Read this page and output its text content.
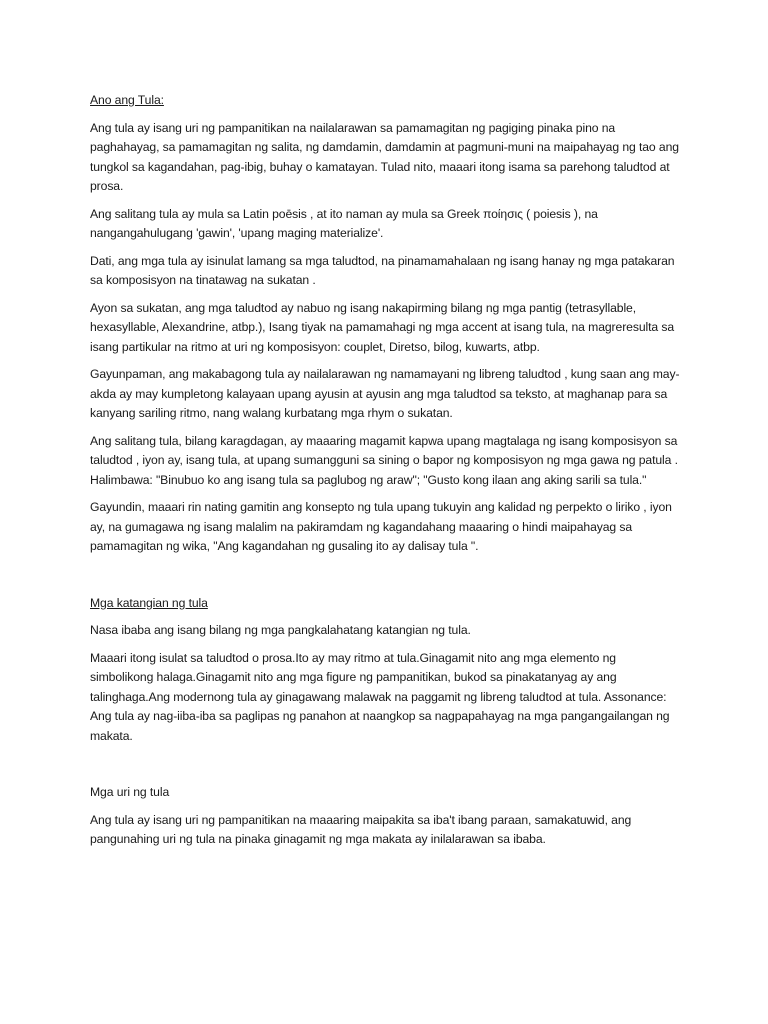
Ano ang Tula:

Ang tula ay isang uri ng pampanitikan na nailalarawan sa pamamagitan ng pagiging pinaka pino na paghahayag, sa pamamagitan ng salita, ng damdamin, damdamin at pagmuni-muni na maipahayag ng tao ang tungkol sa kagandahan, pag-ibig, buhay o kamatayan. Tulad nito, maaari itong isama sa parehong taludtod at prosa.

Ang salitang tula ay mula sa Latin poēsis , at ito naman ay mula sa Greek ποίησις ( poiesis ), na nangangahulugang 'gawin', 'upang maging materialize'.

Dati, ang mga tula ay isinulat lamang sa mga taludtod, na pinamamahalaan ng isang hanay ng mga patakaran sa komposisyon na tinatawag na sukatan .

Ayon sa sukatan, ang mga taludtod ay nabuo ng isang nakapirming bilang ng mga pantig (tetrasyllable, hexasyllable, Alexandrine, atbp.), Isang tiyak na pamamahagi ng mga accent at isang tula, na magreresulta sa isang partikular na ritmo at uri ng komposisyon: couplet, Diretso, bilog, kuwarts, atbp.

Gayunpaman, ang makabagong tula ay nailalarawan ng namamayani ng libreng taludtod , kung saan ang may-akda ay may kumpletong kalayaan upang ayusin at ayusin ang mga taludtod sa teksto, at maghanap para sa kanyang sariling ritmo, nang walang kurbatang mga rhym o sukatan.

Ang salitang tula, bilang karagdagan, ay maaaring magamit kapwa upang magtalaga ng isang komposisyon sa taludtod , iyon ay, isang tula, at upang sumangguni sa sining o bapor ng komposisyon ng mga gawa ng patula . Halimbawa: "Binubuo ko ang isang tula sa paglubog ng araw"; "Gusto kong ilaan ang aking sarili sa tula."

Gayundin, maaari rin nating gamitin ang konsepto ng tula upang tukuyin ang kalidad ng perpekto o liriko , iyon ay, na gumagawa ng isang malalim na pakiramdam ng kagandahang maaaring o hindi maipahayag sa pamamagitan ng wika, "Ang kagandahan ng gusaling ito ay dalisay tula ".

Mga katangian ng tula

Nasa ibaba ang isang bilang ng mga pangkalahatang katangian ng tula.

Maaari itong isulat sa taludtod o prosa.Ito ay may ritmo at tula.Ginagamit nito ang mga elemento ng simbolikong halaga.Ginagamit nito ang mga figure ng pampanitikan, bukod sa pinakatanyag ay ang talinghaga.Ang modernong tula ay ginagawang malawak na paggamit ng libreng taludtod at tula. Assonance: Ang tula ay nag-iiba-iba sa paglipas ng panahon at naangkop sa nagpapahayag na mga pangangailangan ng makata.

Mga uri ng tula

Ang tula ay isang uri ng pampanitikan na maaaring maipakita sa iba't ibang paraan, samakatuwid, ang pangunahing uri ng tula na pinaka ginagamit ng mga makata ay inilalarawan sa ibaba.
